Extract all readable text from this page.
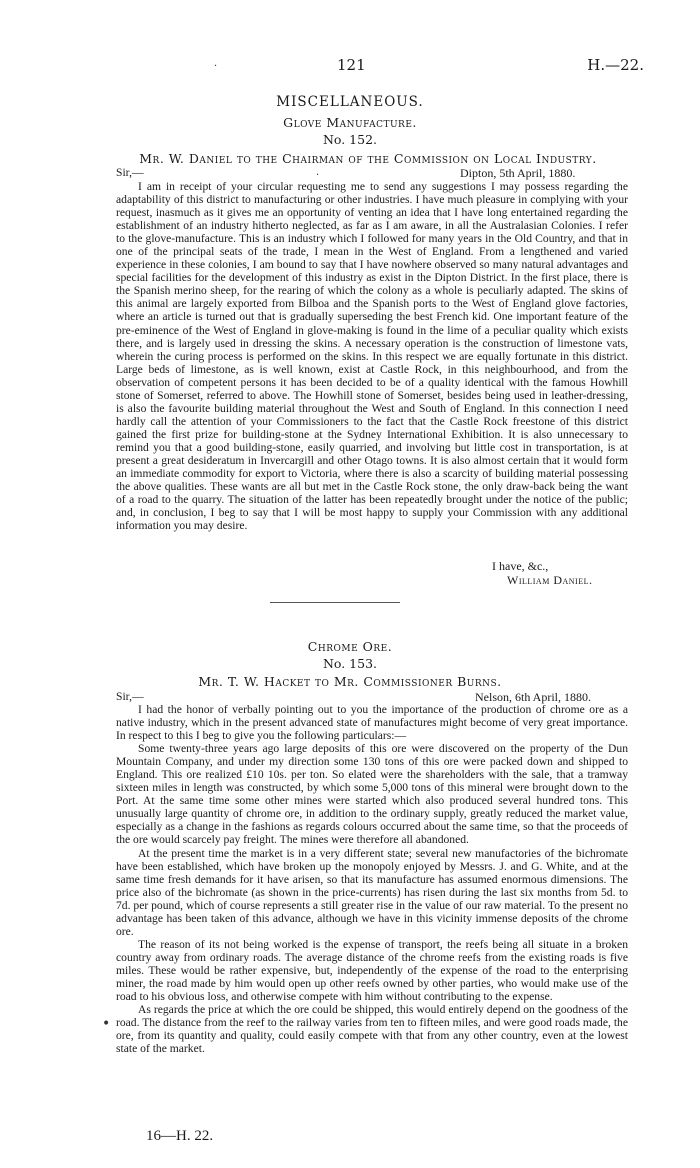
·
·
•
121	H.—22.
MISCELLANEOUS.
Glove Manufacture.
No. 152.
Mr. W. Daniel to the Chairman of the Commission on Local Industry.
Sir,—	Dipton, 5th April, 1880.

I am in receipt of your circular requesting me to send any suggestions I may possess regarding the adaptability of this district to manufacturing or other industries. I have much pleasure in complying with your request, inasmuch as it gives me an opportunity of venting an idea that I have long entertained regarding the establishment of an industry hitherto neglected, as far as I am aware, in all the Australasian Colonies. I refer to the glove-manufacture. This is an industry which I followed for many years in the Old Country, and that in one of the principal seats of the trade, I mean in the West of England. From a lengthened and varied experience in these colonies, I am bound to say that I have nowhere observed so many natural advantages and special facilities for the development of this industry as exist in the Dipton District. In the first place, there is the Spanish merino sheep, for the rearing of which the colony as a whole is peculiarly adapted. The skins of this animal are largely exported from Bilboa and the Spanish ports to the West of England glove factories, where an article is turned out that is gradually superseding the best French kid. One important feature of the pre-eminence of the West of England in glove-making is found in the lime of a peculiar quality which exists there, and is largely used in dressing the skins. A necessary operation is the construction of limestone vats, wherein the curing process is performed on the skins. In this respect we are equally fortunate in this district. Large beds of limestone, as is well known, exist at Castle Rock, in this neighbourhood, and from the observation of competent persons it has been decided to be of a quality identical with the famous Howhill stone of Somerset, referred to above. The Howhill stone of Somerset, besides being used in leather-dressing, is also the favourite building material throughout the West and South of England. In this connection I need hardly call the attention of your Commissioners to the fact that the Castle Rock freestone of this district gained the first prize for building-stone at the Sydney International Exhibition. It is also unnecessary to remind you that a good building-stone, easily quarried, and involving but little cost in transportation, is at present a great desideratum in Invercargill and other Otago towns. It is also almost certain that it would form an immediate commodity for export to Victoria, where there is also a scarcity of building material possessing the above qualities. These wants are all but met in the Castle Rock stone, the only draw-back being the want of a road to the quarry. The situation of the latter has been repeatedly brought under the notice of the public; and, in conclusion, I beg to say that I will be most happy to supply your Commission with any additional information you may desire.

I have, &c.,
William Daniel.
Chrome Ore.
No. 153.
Mr. T. W. Hacket to Mr. Commissioner Burns.
Sir,—	Nelson, 6th April, 1880.

I had the honor of verbally pointing out to you the importance of the production of chrome ore as a native industry, which in the present advanced state of manufactures might become of very great importance. In respect to this I beg to give you the following particulars:—

Some twenty-three years ago large deposits of this ore were discovered on the property of the Dun Mountain Company, and under my direction some 130 tons of this ore were packed down and shipped to England. This ore realized £10 10s. per ton. So elated were the shareholders with the sale, that a tramway sixteen miles in length was constructed, by which some 5,000 tons of this mineral were brought down to the Port. At the same time some other mines were started which also produced several hundred tons. This unusually large quantity of chrome ore, in addition to the ordinary supply, greatly reduced the market value, especially as a change in the fashions as regards colours occurred about the same time, so that the proceeds of the ore would scarcely pay freight. The mines were therefore all abandoned.

At the present time the market is in a very different state; several new manufactories of the bichromate have been established, which have broken up the monopoly enjoyed by Messrs. J. and G. White, and at the same time fresh demands for it have arisen, so that its manufacture has assumed enormous dimensions. The price also of the bichromate (as shown in the price-currents) has risen during the last six months from 5d. to 7d. per pound, which of course represents a still greater rise in the value of our raw material. To the present no advantage has been taken of this advance, although we have in this vicinity immense deposits of the chrome ore.

The reason of its not being worked is the expense of transport, the reefs being all situate in a broken country away from ordinary roads. The average distance of the chrome reefs from the existing roads is five miles. These would be rather expensive, but, independently of the expense of the road to the enterprising miner, the road made by him would open up other reefs owned by other parties, who would make use of the road to his obvious loss, and otherwise compete with him without contributing to the expense.

As regards the price at which the ore could be shipped, this would entirely depend on the goodness of the road. The distance from the reef to the railway varies from ten to fifteen miles, and were good roads made, the ore, from its quantity and quality, could easily compete with that from any other country, even at the lowest state of the market.

16—H. 22.
